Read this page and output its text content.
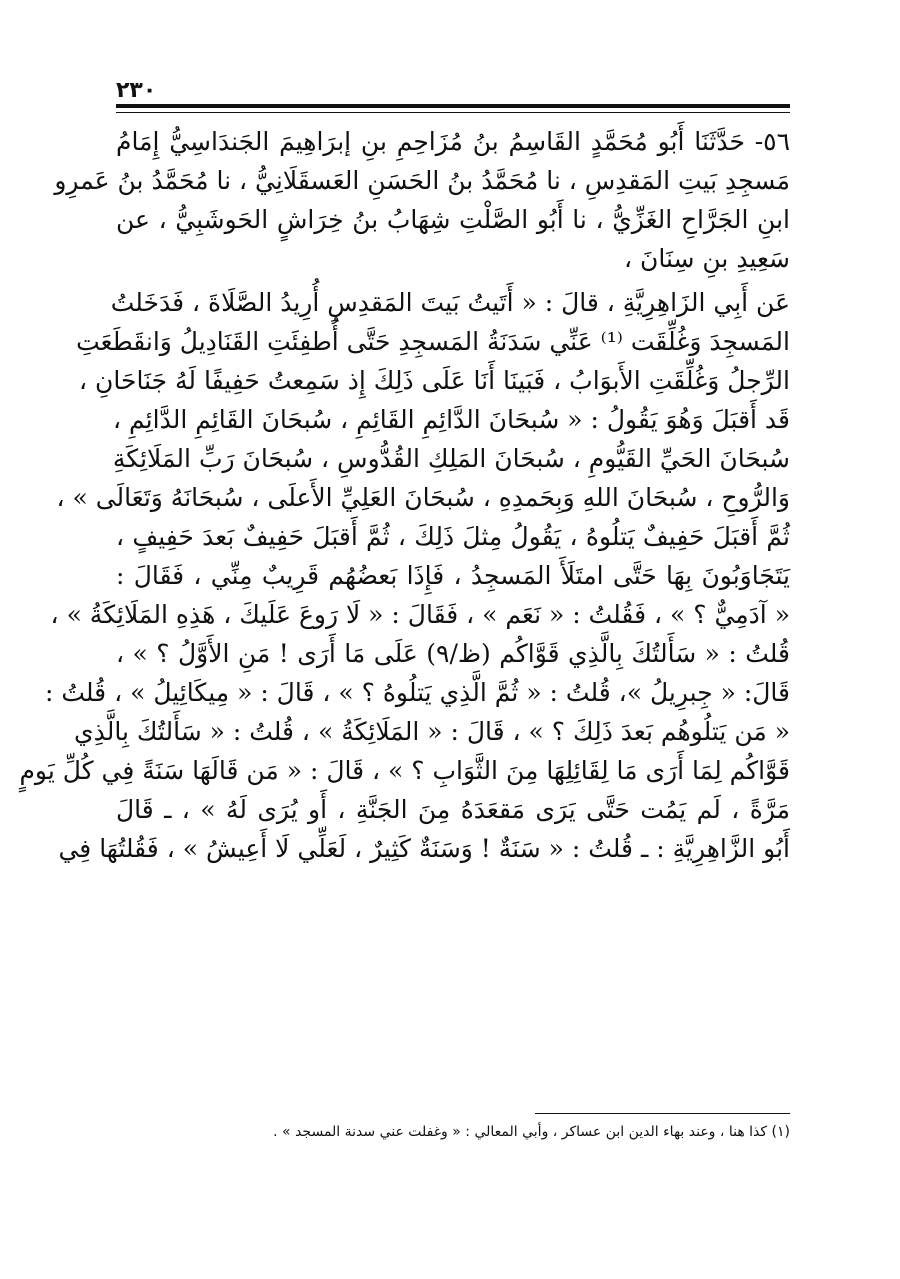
٢٣٠
٥٦- حَدَّثَنَا أَبُو مُحَمَّدٍ القَاسِمُ بنُ مُزَاحِمِ بنِ إبرَاهِيمَ الجَندَاسِيُّ إِمَامُ
مَسجِدِ بَيتِ المَقدِسِ ، نا مُحَمَّدُ بنُ الحَسَنِ العَسقَلَانِيُّ ، نا مُحَمَّدُ بنُ عَمرِو
ابنِ الجَرَّاحِ الغَزِّيُّ ، نا أَبُو الصَّلْتِ شِهَابُ بنُ خِرَاشٍ الحَوشَبِيُّ ، عن
سَعِيدِ بنِ سِنَانَ ،
عَن أَبِي الزَاهِرِيَّةِ ، قالَ : « أَتَيتُ بَيتَ المَقدِسِ أُرِيدُ الصَّلَاةَ ، فَدَخَلتُ
المَسجِدَ وَغُلِّقَت ⁽¹⁾ عَنِّي سَدَنَةُ المَسجِدِ حَتَّى أُطفِئَتِ القَنَادِيلُ وَانقَطَعَتِ
الرِّجلُ وَغُلِّقَتِ الأَبوَابُ ، فَبَينَا أَنَا عَلَى ذَلِكَ إِذ سَمِعتُ حَفِيفًا لَهُ جَنَاحَانِ ،
قَد أَقبَلَ وَهُوَ يَقُولُ : « سُبحَانَ الدَّائِمِ القَائِمِ ، سُبحَانَ القَائِمِ الدَّائِمِ ،
سُبحَانَ الحَيِّ القَيُّومِ ، سُبحَانَ المَلِكِ القُدُّوسِ ، سُبحَانَ رَبِّ المَلَائِكَةِ
وَالرُّوحِ ، سُبحَانَ اللهِ وَبِحَمدِهِ ، سُبحَانَ العَلِيِّ الأَعلَى ، سُبحَانَهُ وَتَعَالَى » ،
ثُمَّ أَقبَلَ حَفِيفٌ يَتلُوهُ ، يَقُولُ مِثلَ ذَلِكَ ، ثُمَّ أَقبَلَ حَفِيفٌ بَعدَ حَفِيفٍ ،
يَتَجَاوَبُونَ بِهَا حَتَّى امتَلَأَ المَسجِدُ ، فَإِذَا بَعضُهُم قَرِيبٌ مِنِّي ، فَقَالَ :
« آدَمِيٌّ ؟ » ، فَقُلتُ : « نَعَم » ، فَقَالَ : « لَا رَوعَ عَلَيكَ ، هَذِهِ المَلَائِكَةُ » ،
قُلتُ : « سَأَلتُكَ بِالَّذِي قَوَّاكُم (ظ/٩) عَلَى مَا أَرَى ! مَنِ الأَوَّلُ ؟ » ،
قَالَ: « جِبرِيلُ »، قُلتُ : « ثُمَّ الَّذِي يَتلُوهُ ؟ » ، قَالَ : « مِيكَائِيلُ » ، قُلتُ :
« مَن يَتلُوهُم بَعدَ ذَلِكَ ؟ » ، قَالَ : « المَلَائِكَةُ » ، قُلتُ : « سَأَلتُكَ بِالَّذِي
قَوَّاكُم لِمَا أَرَى مَا لِقَائِلِهَا مِنَ الثَّوَابِ ؟ » ، قَالَ : « مَن قَالَهَا سَنَةً فِي كُلِّ يَومٍ
مَرَّةً ، لَم يَمُت حَتَّى يَرَى مَقعَدَهُ مِنَ الجَنَّةِ ، أَو يُرَى لَهُ » ، ـ قَالَ
أَبُو الزَّاهِرِيَّةِ : ـ قُلتُ : « سَنَةٌ ! وَسَنَةٌ كَثِيرٌ ، لَعَلِّي لَا أَعِيشُ » ، فَقُلتُهَا فِي
(١) كذا هنا ، وعند بهاء الدين ابن عساكر ، وأبي المعالي : « وغفلت عني سدنة المسجد » .
